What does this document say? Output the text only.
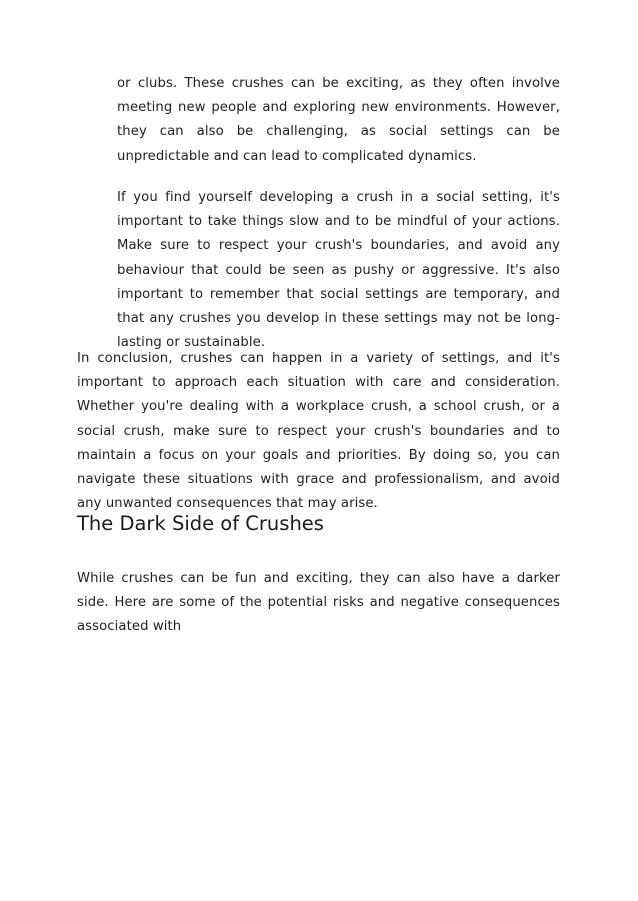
or clubs. These crushes can be exciting, as they often involve meeting new people and exploring new environments. However, they can also be challenging, as social settings can be unpredictable and can lead to complicated dynamics.

If you find yourself developing a crush in a social setting, it's important to take things slow and to be mindful of your actions. Make sure to respect your crush's boundaries, and avoid any behaviour that could be seen as pushy or aggressive. It's also important to remember that social settings are temporary, and that any crushes you develop in these settings may not be long-lasting or sustainable.

In conclusion, crushes can happen in a variety of settings, and it's important to approach each situation with care and consideration. Whether you're dealing with a workplace crush, a school crush, or a social crush, make sure to respect your crush's boundaries and to maintain a focus on your goals and priorities. By doing so, you can navigate these situations with grace and professionalism, and avoid any unwanted consequences that may arise.

The Dark Side of Crushes

While crushes can be fun and exciting, they can also have a darker side. Here are some of the potential risks and negative consequences associated with
